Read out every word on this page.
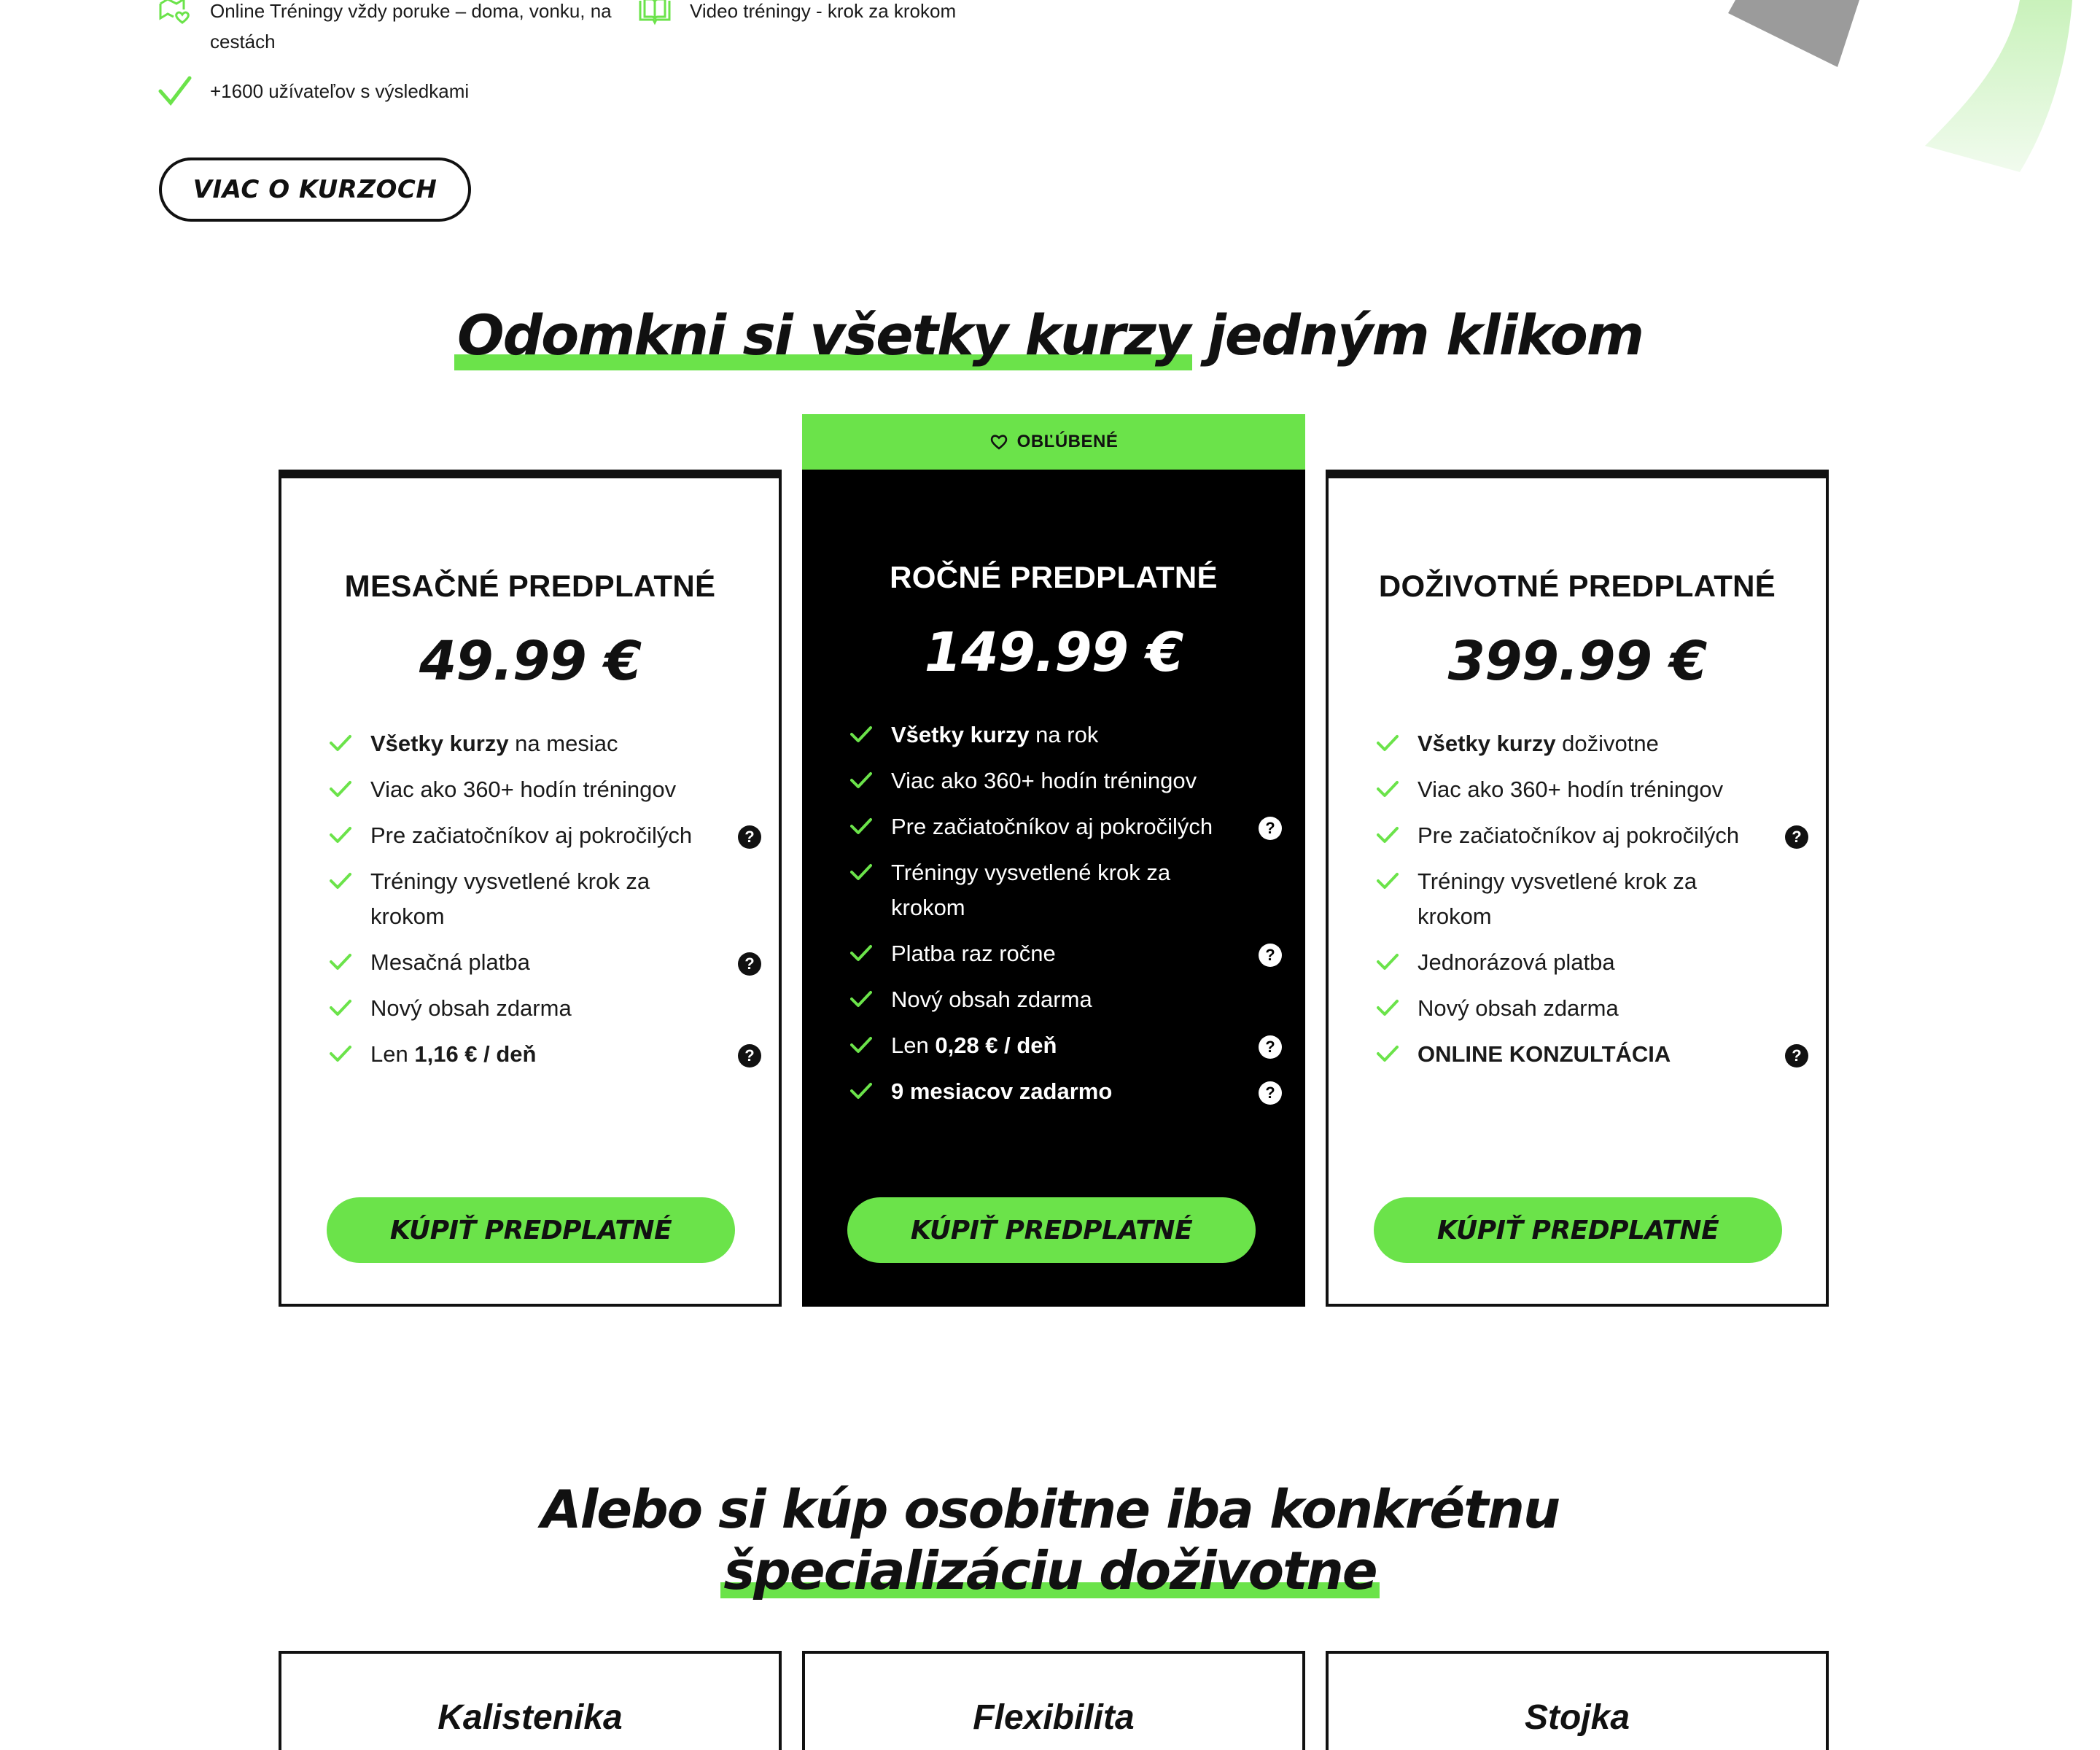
Online Tréningy vždy poruke – doma, vonku, na cestách
Video tréningy - krok za krokom
+1600 užívateľov s výsledkami
VIAC O KURZOCH
Odomkni si všetky kurzy jedným klikom
MESAČNÉ PREDPLATNÉ
49.99 €
Všetky kurzy na mesiac
Viac ako 360+ hodín tréningov
Pre začiatočníkov aj pokročilých	?
Tréningy vysvetlené krok za krokom
Mesačná platba	?
Nový obsah zdarma
Len 1,16 € / deň	?
KÚPIŤ PREDPLATNÉ
OBĽÚBENÉ
ROČNÉ PREDPLATNÉ
149.99 €
Všetky kurzy na rok
Viac ako 360+ hodín tréningov
Pre začiatočníkov aj pokročilých	?
Tréningy vysvetlené krok za krokom
Platba raz ročne	?
Nový obsah zdarma
Len 0,28 € / deň	?
9 mesiacov zadarmo	?
KÚPIŤ PREDPLATNÉ
DOŽIVOTNÉ PREDPLATNÉ
399.99 €
Všetky kurzy doživotne
Viac ako 360+ hodín tréningov
Pre začiatočníkov aj pokročilých	?
Tréningy vysvetlené krok za krokom
Jednorázová platba
Nový obsah zdarma
ONLINE KONZULTÁCIA	?
KÚPIŤ PREDPLATNÉ
Alebo si kúp osobitne iba konkrétnu
špecializáciu doživotne
Kalistenika	Flexibilita	Stojka
